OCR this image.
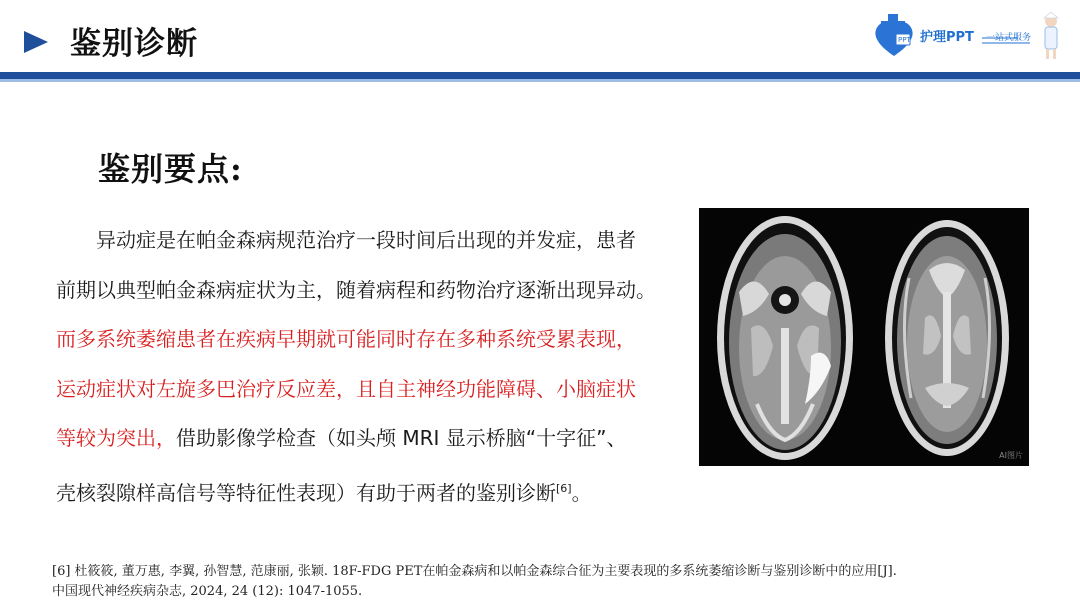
鉴别诊断	PPT 护理PPT 一站式服务
鉴别要点:
异动症是在帕金森病规范治疗一段时间后出现的并发症，患者
前期以典型帕金森病症状为主，随着病程和药物治疗逐渐出现异动。
而多系统萎缩患者在疾病早期就可能同时存在多种系统受累表现，
运动症状对左旋多巴治疗反应差，且自主神经功能障碍、小脑症状
等较为突出，借助影像学检查（如头颅 MRI 显示桥脑“十字征”、
壳核裂隙样高信号等特征性表现）有助于两者的鉴别诊断[6]。
AI图片
[6] 杜筱筱, 董万惠, 李翼, 孙智慧, 范康丽, 张颖. 18F-FDG PET在帕金森病和以帕金森综合征为主要表现的多系统萎缩诊断与鉴别诊断中的应用[J].
中国现代神经疾病杂志, 2024, 24 (12): 1047-1055.
